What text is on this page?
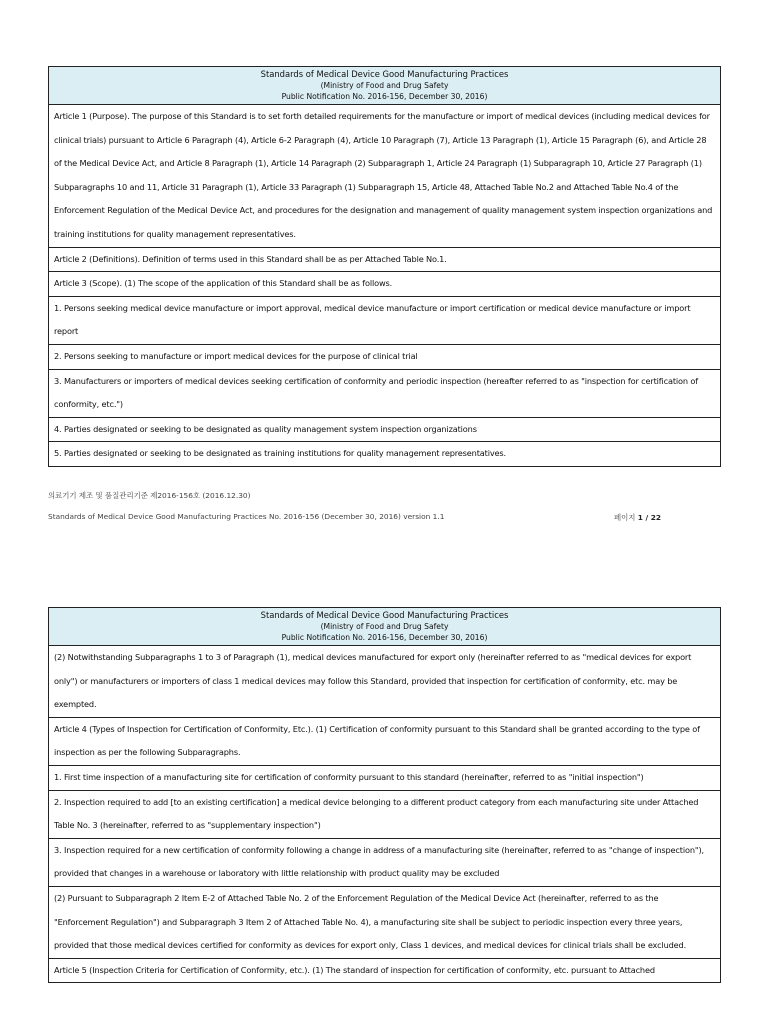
Standards of Medical Device Good Manufacturing Practices
(Ministry of Food and Drug Safety
Public Notification No. 2016-156, December 30, 2016)
Article 1 (Purpose). The purpose of this Standard is to set forth detailed requirements for the manufacture or import of medical devices (including medical devices for clinical trials) pursuant to Article 6 Paragraph (4), Article 6-2 Paragraph (4), Article 10 Paragraph (7), Article 13 Paragraph (1), Article 15 Paragraph (6), and Article 28 of the Medical Device Act, and Article 8 Paragraph (1), Article 14 Paragraph (2) Subparagraph 1, Article 24 Paragraph (1) Subparagraph 10, Article 27 Paragraph (1) Subparagraphs 10 and 11, Article 31 Paragraph (1), Article 33 Paragraph (1) Subparagraph 15, Article 48, Attached Table No.2 and Attached Table No.4 of the Enforcement Regulation of the Medical Device Act, and procedures for the designation and management of quality management system inspection organizations and training institutions for quality management representatives.
Article 2 (Definitions). Definition of terms used in this Standard shall be as per Attached Table No.1.
Article 3 (Scope). (1) The scope of the application of this Standard shall be as follows.
1. Persons seeking medical device manufacture or import approval, medical device manufacture or import certification or medical device manufacture or import report
2. Persons seeking to manufacture or import medical devices for the purpose of clinical trial
3. Manufacturers or importers of medical devices seeking certification of conformity and periodic inspection (hereafter referred to as "inspection for certification of conformity, etc.")
4. Parties designated or seeking to be designated as quality management system inspection organizations
5. Parties designated or seeking to be designated as training institutions for quality management representatives.
의료기기 제조 및 품질관리기준 제2016-156호 (2016.12.30)
Standards of Medical Device Good Manufacturing Practices No. 2016-156 (December 30, 2016) version 1.1	페이지 1 / 22
Standards of Medical Device Good Manufacturing Practices
(Ministry of Food and Drug Safety
Public Notification No. 2016-156, December 30, 2016)
(2) Notwithstanding Subparagraphs 1 to 3 of Paragraph (1), medical devices manufactured for export only (hereinafter referred to as "medical devices for export only") or manufacturers or importers of class 1 medical devices may follow this Standard, provided that inspection for certification of conformity, etc. may be exempted.
Article 4 (Types of Inspection for Certification of Conformity, Etc.). (1) Certification of conformity pursuant to this Standard shall be granted according to the type of inspection as per the following Subparagraphs.
1. First time inspection of a manufacturing site for certification of conformity pursuant to this standard (hereinafter, referred to as "initial inspection")
2. Inspection required to add [to an existing certification] a medical device belonging to a different product category from each manufacturing site under Attached Table No. 3 (hereinafter, referred to as "supplementary inspection")
3. Inspection required for a new certification of conformity following a change in address of a manufacturing site (hereinafter, referred to as "change of inspection"), provided that changes in a warehouse or laboratory with little relationship with product quality may be excluded
(2) Pursuant to Subparagraph 2 Item E-2 of Attached Table No. 2 of the Enforcement Regulation of the Medical Device Act (hereinafter, referred to as the "Enforcement Regulation") and Subparagraph 3 Item 2 of Attached Table No. 4), a manufacturing site shall be subject to periodic inspection every three years, provided that those medical devices certified for conformity as devices for export only, Class 1 devices, and medical devices for clinical trials shall be excluded.
Article 5 (Inspection Criteria for Certification of Conformity, etc.). (1) The standard of inspection for certification of conformity, etc. pursuant to Attached
